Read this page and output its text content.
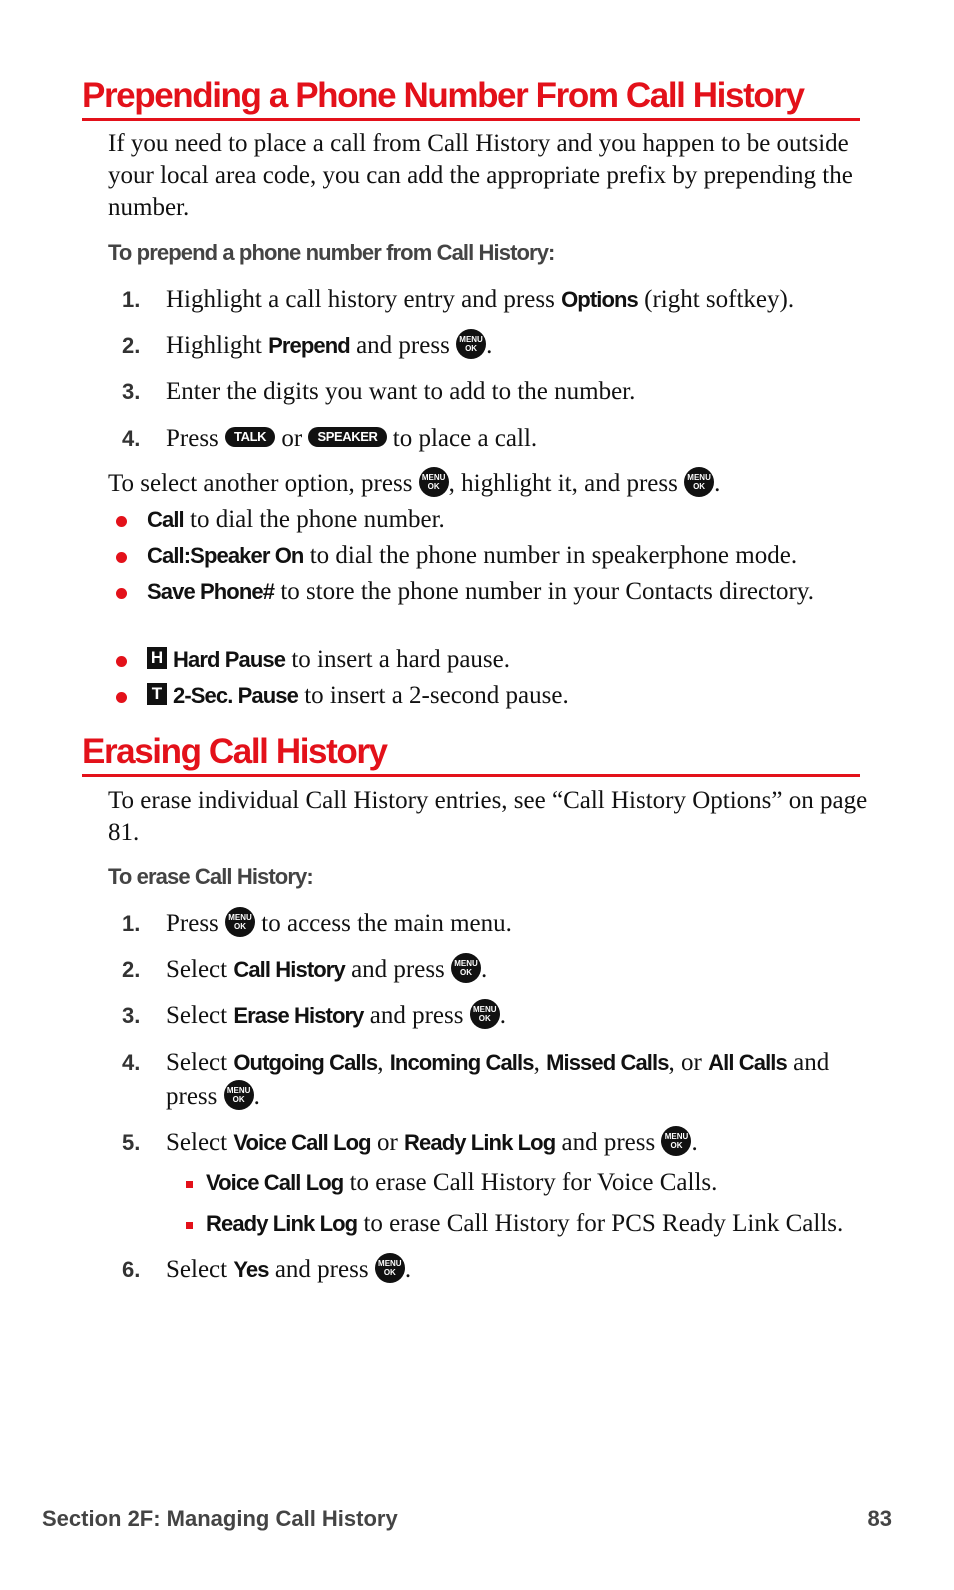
Prepending a Phone Number From Call History
If you need to place a call from Call History and you happen to be outside your local area code, you can add the appropriate prefix by prepending the number.
To prepend a phone number from Call History:
1. Highlight a call history entry and press Options (right softkey).
2. Highlight Prepend and press MENU
OK .
3. Enter the digits you want to add to the number.
4. Press TALK or SPEAKER to place a call.
To select another option, press MENU
OK , highlight it, and press MENU
OK .
Call to dial the phone number.
Call:Speaker On to dial the phone number in speakerphone mode.
Save Phone# to store the phone number in your Contacts directory.
H Hard Pause to insert a hard pause.
T 2-Sec. Pause to insert a 2-second pause.
Erasing Call History
To erase individual Call History entries, see “Call History Options” on page 81.
To erase Call History:
1. Press MENU
OK to access the main menu.
2. Select Call History and press MENU
OK .
3. Select Erase History and press MENU
OK .
4. Select Outgoing Calls, Incoming Calls, Missed Calls, or All Calls and press MENU
OK .
5. Select Voice Call Log or Ready Link Log and press MENU
OK .
Voice Call Log to erase Call History for Voice Calls.
Ready Link Log to erase Call History for PCS Ready Link Calls.
6. Select Yes and press MENU
OK .
Section 2F: Managing Call History	83
